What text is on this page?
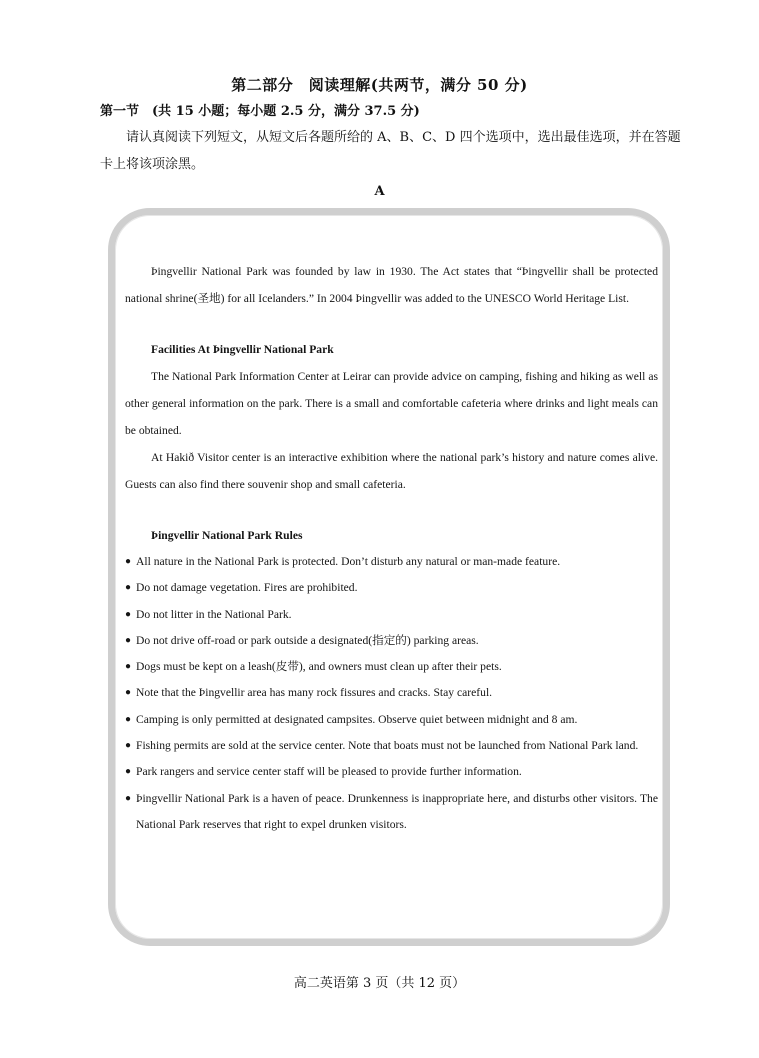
第二部分　阅读理解(共两节，满分 50 分)
第一节　(共 15 小题；每小题 2.5 分，满分 37.5 分)
请认真阅读下列短文，从短文后各题所给的 A、B、C、D 四个选项中，选出最佳选项，并在答题卡上将该项涂黑。
A

Þingvellir National Park was founded by law in 1930. The Act states that “Þingvellir shall be protected national shrine(圣地) for all Icelanders.” In 2004 Þingvellir was added to the UNESCO World Heritage List.

Facilities At Þingvellir National Park

The National Park Information Center at Leirar can provide advice on camping, fishing and hiking as well as other general information on the park. There is a small and comfortable cafeteria where drinks and light meals can be obtained.

At Hakið Visitor center is an interactive exhibition where the national park’s history and nature comes alive. Guests can also find there souvenir shop and small cafeteria.

Þingvellir National Park Rules

● All nature in the National Park is protected. Don’t disturb any natural or man-made feature.
● Do not damage vegetation. Fires are prohibited.
● Do not litter in the National Park.
● Do not drive off-road or park outside a designated(指定的) parking areas.
● Dogs must be kept on a leash(皮带), and owners must clean up after their pets.
● Note that the Þingvellir area has many rock fissures and cracks. Stay careful.
● Camping is only permitted at designated campsites. Observe quiet between midnight and 8 am.
● Fishing permits are sold at the service center. Note that boats must not be launched from National Park land.
● Park rangers and service center staff will be pleased to provide further information.
● Þingvellir National Park is a haven of peace. Drunkenness is inappropriate here, and disturbs other visitors. The National Park reserves that right to expel drunken visitors.
高二英语第 3 页（共 12 页）
